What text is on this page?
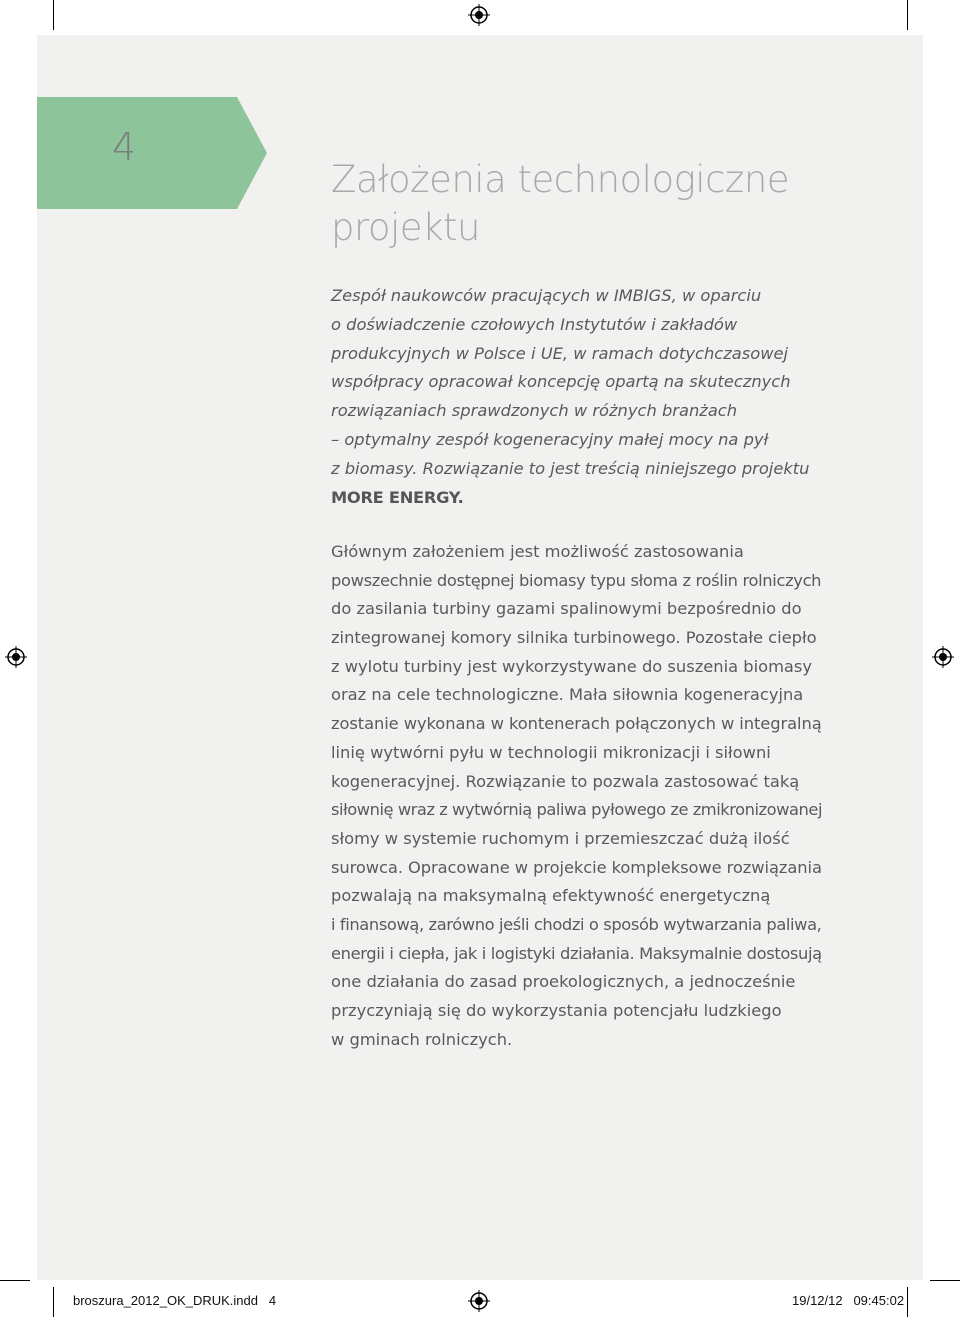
4
Założenia technologiczne
projektu
Zespół naukowców pracujących w IMBIGS, w oparciu
o doświadczenie czołowych Instytutów i zakładów
produkcyjnych w Polsce i UE, w ramach dotychczasowej
współpracy opracował koncepcję opartą na skutecznych
rozwiązaniach sprawdzonych w różnych branżach
– optymalny zespół kogeneracyjny małej mocy na pył
z biomasy. Rozwiązanie to jest treścią niniejszego projektu
MORE ENERGY.
Głównym założeniem jest możliwość zastosowania
powszechnie dostępnej biomasy typu słoma z roślin rolniczych
do zasilania turbiny gazami spalinowymi bezpośrednio do
zintegrowanej komory silnika turbinowego. Pozostałe ciepło
z wylotu turbiny jest wykorzystywane do suszenia biomasy
oraz na cele technologiczne. Mała siłownia kogeneracyjna
zostanie wykonana w kontenerach połączonych w integralną
linię wytwórni pyłu w technologii mikronizacji i siłowni
kogeneracyjnej. Rozwiązanie to pozwala zastosować taką
siłownię wraz z wytwórnią paliwa pyłowego ze zmikronizowanej
słomy w systemie ruchomym i przemieszczać dużą ilość
surowca. Opracowane w projekcie kompleksowe rozwiązania
pozwalają na maksymalną efektywność energetyczną
i finansową, zarówno jeśli chodzi o sposób wytwarzania paliwa,
energii i ciepła, jak i logistyki działania. Maksymalnie dostosują
one działania do zasad proekologicznych, a jednocześnie
przyczyniają się do wykorzystania potencjału ludzkiego
w gminach rolniczych.
broszura_2012_OK_DRUK.indd   4	19/12/12   09:45:02
